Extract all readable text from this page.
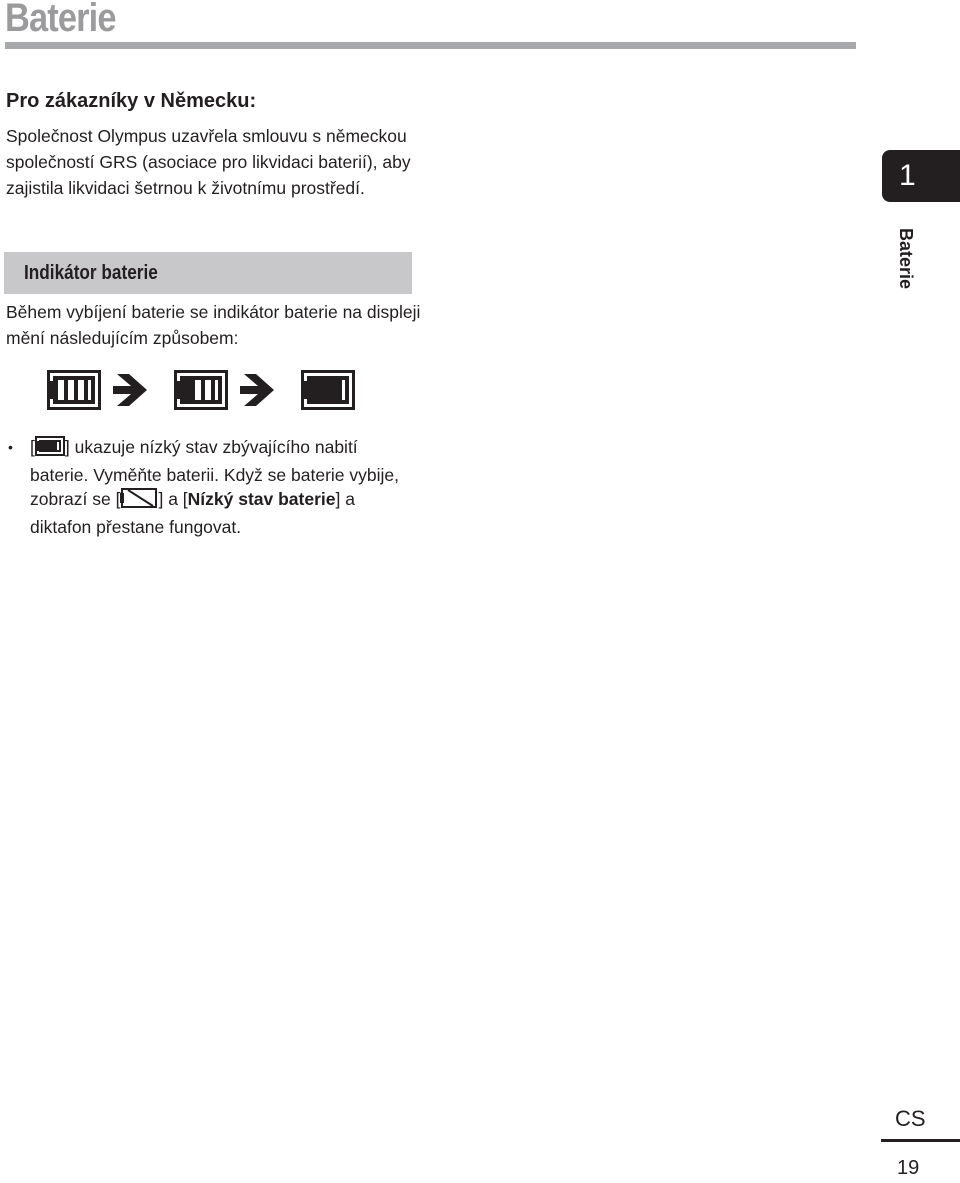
Baterie
Pro zákazníky v Německu:

Společnost Olympus uzavřela smlouvu s německou společností GRS (asociace pro likvidaci baterií), aby zajistila likvidaci šetrnou k životnímu prostředí.

Indikátor baterie

Během vybíjení baterie se indikátor baterie na displeji mění následujícím způsobem:

• [ ] ukazuje nízký stav zbývajícího nabití baterie. Vyměňte baterii. Když se baterie vybije, zobrazí se [ ] a [Nízký stav baterie] a diktafon přestane fungovat.

1
Baterie
CS
19
